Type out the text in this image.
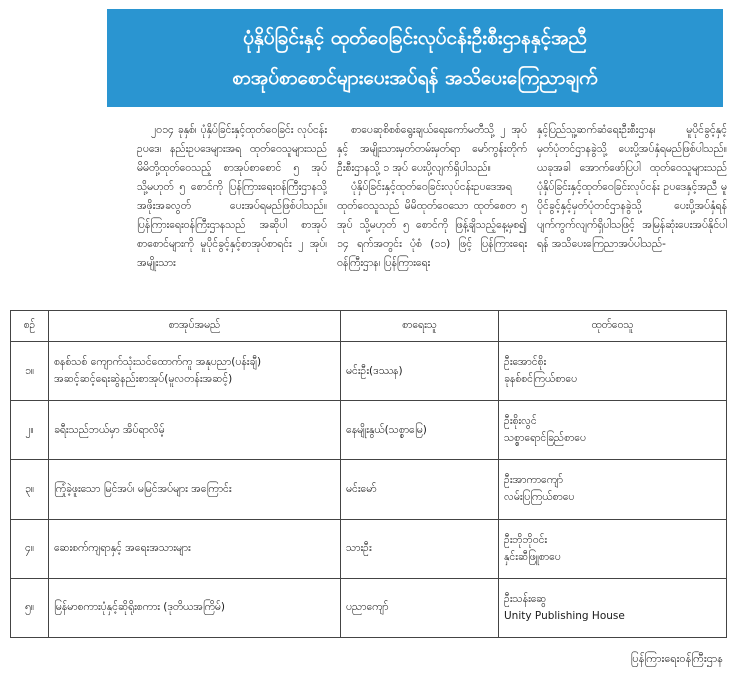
ပုံနှိပ်ခြင်းနှင့် ထုတ်ဝေခြင်းလုပ်ငန်းဦးစီးဌာနနှင့်အညီ
စာအုပ်စာစောင်များပေးအပ်ရန် အသိပေးကြေညာချက်

၂၀၁၄ ခုနှစ်၊ ပုံနှိပ်ခြင်းနှင့်ထုတ်ဝေခြင်း လုပ်ငန်းဥပဒေ၊ နည်းဥပဒေများအရ ထုတ်ဝေသူများသည် မိမိတို့ထုတ်ဝေသည့် စာအုပ်စာစောင် ၅ အုပ် သို့မဟုတ် ၅ စောင်ကို ပြန်ကြားရေးဝန်ကြီးဌာနသို့ အဖိုးအခလွတ် ပေးအပ်ရမည်ဖြစ်ပါသည်။ ပြန်ကြားရေးဝန်ကြီးဌာနသည် အဆိုပါ စာအုပ်စာစောင်များကို မူပိုင်ခွင့်နှင့်စာအုပ်စာရင်း ၂ အုပ်၊ အမျိုးသား

စာပေဆုစိစစ်ရွေးချယ်ရေးကော်မတီသို့ ၂ အုပ်နှင့် အမျိုးသားမှတ်တမ်းမှတ်ရာ မော်ကွန်းတိုက်ဦးစီးဌာနသို့ ၁ အုပ် ပေးပို့လျက်ရှိပါသည်။

ပုံနှိပ်ခြင်းနှင့်ထုတ်ဝေခြင်းလုပ်ငန်းဥပဒေအရ ထုတ်ဝေသူသည် မိမိထုတ်ဝေသော ထုတ်စေတ ၅ အုပ် သို့မဟုတ် ၅ စောင်ကို ဖြန့်ချိသည့်နေ့မှစ၍ ၁၄ ရက်အတွင်း ပုံစံ (၁၁) ဖြင့် ပြန်ကြားရေးဝန်ကြီးဌာန၊ ပြန်ကြားရေး

နှင့်ပြည်သူ့ဆက်ဆံရေးဦးစီးဌာန၊ မူပိုင်ခွင့်နှင့်မှတ်ပုံတင်ဌာနခွဲသို့ ပေးပို့အပ်နှံရမည်ဖြစ်ပါသည်။ ယခုအခါ အောက်ဖော်ပြပါ ထုတ်ဝေသူများသည် ပုံနှိပ်ခြင်းနှင့်ထုတ်ဝေခြင်းလုပ်ငန်း ဥပဒေနှင့်အညီ မူပိုင်ခွင့်နှင့်မှတ်ပုံတင်ဌာနခွဲသို့ ပေးပို့အပ်နှံရန် ပျက်ကွက်လျက်ရှိပါသဖြင့် အမြန်ဆုံးပေးအပ်နိုင်ပါရန် အသိပေးကြေညာအပ်ပါသည်-

စဉ်	စာအုပ်အမည်	စာရေးသူ	ထုတ်ဝေသူ
၁။	စနစ်သစ် ကျောက်သုံးသင်ထောက်ကူ အနုပညာ(ပန်းချီ)
အဆင့်ဆင့်ရေးဆွဲနည်းစာအုပ်(မူလတန်းအဆင့်)	မင်းဦး(ဒဿန)	ဦးအောင်စိုး
ခုနစ်စင်ကြယ်စာပေ

၂။	ခရီးသည်ဘယ်မှာ အိပ်ရာလိမ့်	နေမျိုးနွယ်(သစ္စာမြေ)	ဦးစိုးလွင်
သစ္စာရောင်ခြည်စာပေ

၃။	ကြုံခဲ့ဖူးသော မြင်အပ်၊ မမြင်အပ်များ အကြောင်း	မင်းမော်	ဦးအာကာကျော်
လမ်းပြကြယ်စာပေ

၄။	ဆေးစက်ကျရာနှင့် အရေးအသားများ	သားဦး	ဦးဘိုဘိုဝင်း
နှင်းဆီဖြူစာပေ

၅။	မြန်မာစကားပုံနှင့်ဆိုရိုးစကား (ဒုတိယအကြိမ်)	ပညာကျော်	ဦးသန်းဆွေ
Unity Publishing House
ပြန်ကြားရေးဝန်ကြီးဌာန
